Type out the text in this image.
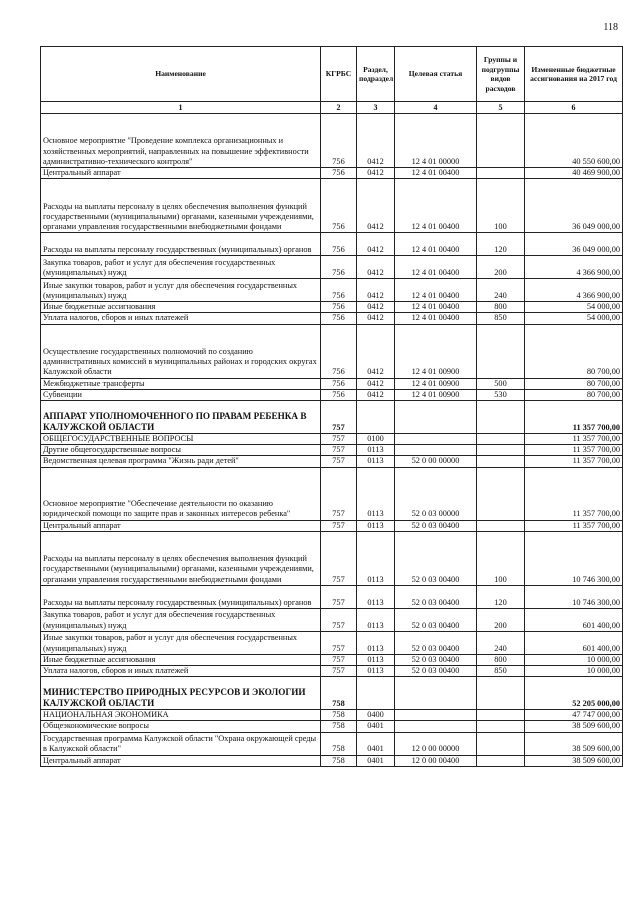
118
Наименование	КГРБС	Раздел, подраздел	Целевая статья	Группы и подгруппы видов расходов	Измененные бюджетные ассигнования на 2017 год
1	2	3	4	5	6
Основное мероприятие "Проведение комплекса организационных и хозяйственных мероприятий, направленных на повышение эффективности административно-технического контроля"	756	0412	12 4 01 00000		40 550 600,00
Центральный аппарат	756	0412	12 4 01 00400		40 469 900,00
Расходы на выплаты персоналу в целях обеспечения выполнения функций государственными (муниципальными) органами, казенными учреждениями, органами управления государственными внебюджетными фондами	756	0412	12 4 01 00400	100	36 049 000,00
Расходы на выплаты персоналу государственных (муниципальных) органов	756	0412	12 4 01 00400	120	36 049 000,00
Закупка товаров, работ и услуг для обеспечения государственных (муниципальных) нужд	756	0412	12 4 01 00400	200	4 366 900,00
Иные закупки товаров, работ и услуг для обеспечения государственных (муниципальных) нужд	756	0412	12 4 01 00400	240	4 366 900,00
Иные бюджетные ассигнования	756	0412	12 4 01 00400	800	54 000,00
Уплата налогов, сборов и иных платежей	756	0412	12 4 01 00400	850	54 000,00
Осуществление государственных полномочий по созданию административных комиссий в муниципальных районах и городских округах Калужской области	756	0412	12 4 01 00900		80 700,00
Межбюджетные трансферты	756	0412	12 4 01 00900	500	80 700,00
Субвенции	756	0412	12 4 01 00900	530	80 700,00
АППАРАТ УПОЛНОМОЧЕННОГО ПО ПРАВАМ РЕБЕНКА В КАЛУЖСКОЙ ОБЛАСТИ	757				11 357 700,00
ОБЩЕГОСУДАРСТВЕННЫЕ ВОПРОСЫ	757	0100			11 357 700,00
Другие общегосударственные вопросы	757	0113			11 357 700,00
Ведомственная целевая программа "Жизнь ради детей"	757	0113	52 0 00 00000		11 357 700,00
Основное мероприятие "Обеспечение деятельности по оказанию юридической помощи по защите прав и законных интересов ребенка"	757	0113	52 0 03 00000		11 357 700,00
Центральный аппарат	757	0113	52 0 03 00400		11 357 700,00
Расходы на выплаты персоналу в целях обеспечения выполнения функций государственными (муниципальными) органами, казенными учреждениями, органами управления государственными внебюджетными фондами	757	0113	52 0 03 00400	100	10 746 300,00
Расходы на выплаты персоналу государственных (муниципальных) органов	757	0113	52 0 03 00400	120	10 746 300,00
Закупка товаров, работ и услуг для обеспечения государственных (муниципальных) нужд	757	0113	52 0 03 00400	200	601 400,00
Иные закупки товаров, работ и услуг для обеспечения государственных (муниципальных) нужд	757	0113	52 0 03 00400	240	601 400,00
Иные бюджетные ассигнования	757	0113	52 0 03 00400	800	10 000,00
Уплата налогов, сборов и иных платежей	757	0113	52 0 03 00400	850	10 000,00
МИНИСТЕРСТВО ПРИРОДНЫХ РЕСУРСОВ И ЭКОЛОГИИ КАЛУЖСКОЙ ОБЛАСТИ	758				52 205 000,00
НАЦИОНАЛЬНАЯ ЭКОНОМИКА	758	0400			47 747 000,00
Общеэкономические вопросы	758	0401			38 509 600,00
Государственная программа Калужской области "Охрана окружающей среды в Калужской области"	758	0401	12 0 00 00000		38 509 600,00
Центральный аппарат	758	0401	12 0 00 00400		38 509 600,00
